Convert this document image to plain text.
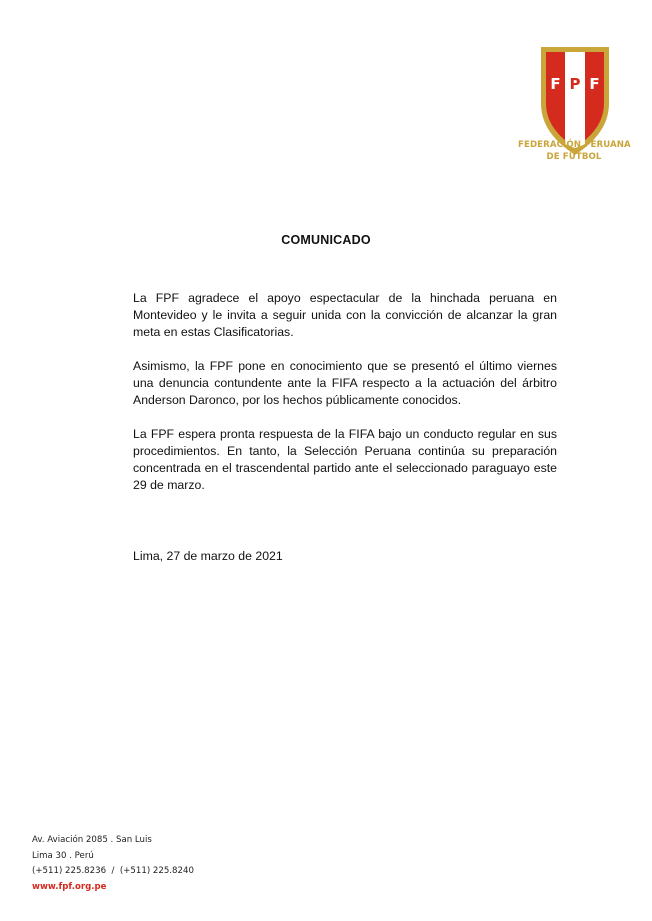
F P F
FEDERACIÓN PERUANA
DE FÚTBOL
COMUNICADO

La FPF agradece el apoyo espectacular de la hinchada peruana en Montevideo y le invita a seguir unida con la convicción de alcanzar la gran meta en estas Clasificatorias.

Asimismo, la FPF pone en conocimiento que se presentó el último viernes una denuncia contundente ante la FIFA respecto a la actuación del árbitro Anderson Daronco, por los hechos públicamente conocidos.

La FPF espera pronta respuesta de la FIFA bajo un conducto regular en sus procedimientos. En tanto, la Selección Peruana continúa su preparación concentrada en el trascendental partido ante el seleccionado paraguayo este 29 de marzo.

Lima, 27 de marzo de 2021
Av. Aviación 2085 . San Luis
Lima 30 . Perú
(+511) 225.8236  /  (+511) 225.8240
www.fpf.org.pe
